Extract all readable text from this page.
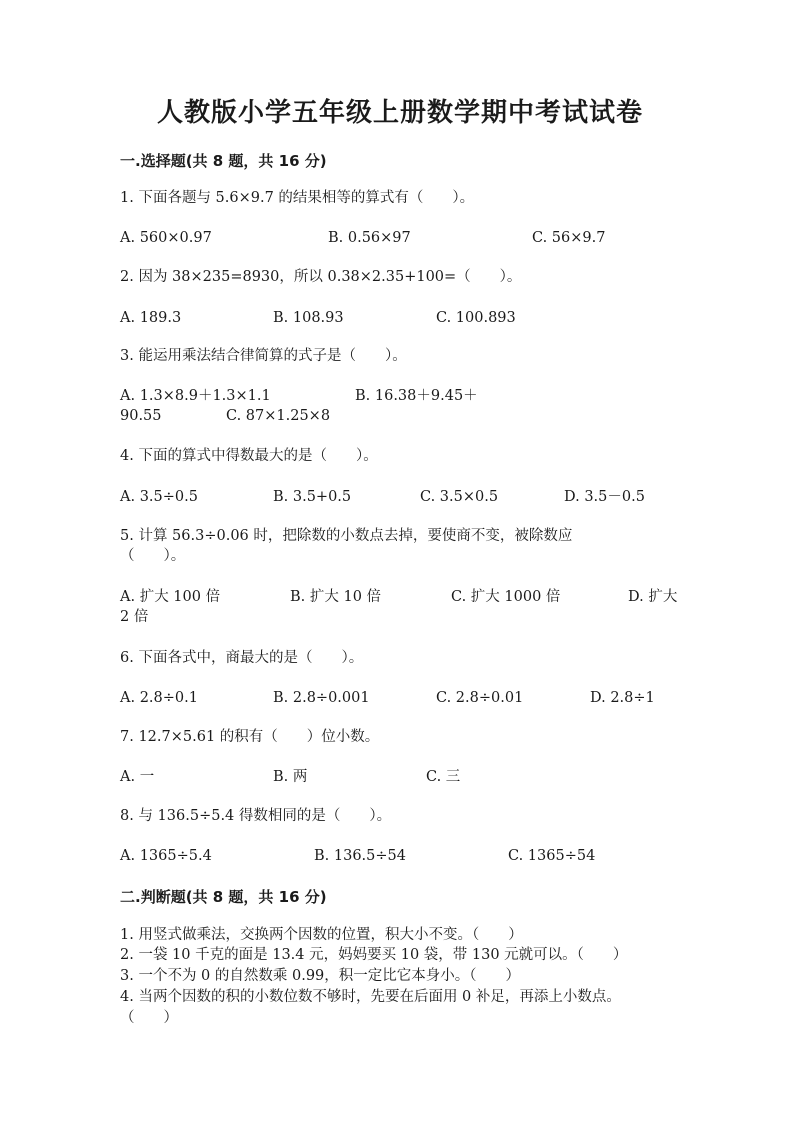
人教版小学五年级上册数学期中考试试卷
一.选择题(共 8 题，共 16 分)
1. 下面各题与 5.6×9.7 的结果相等的算式有（　　）。
A. 560×0.97	B. 0.56×97	C. 56×9.7
2. 因为 38×235=8930，所以 0.38×2.35+100=（　　）。
A. 189.3	B. 108.93	C. 100.893
3. 能运用乘法结合律简算的式子是（　　）。
A. 1.3×8.9＋1.3×1.1	B. 16.38＋9.45＋
90.55	C. 87×1.25×8
4. 下面的算式中得数最大的是（　　）。
A. 3.5÷0.5	B. 3.5+0.5	C. 3.5×0.5	D. 3.5－0.5
5. 计算 56.3÷0.06 时，把除数的小数点去掉，要使商不变，被除数应
（　　）。
A. 扩大 100 倍	B. 扩大 10 倍	C. 扩大 1000 倍	D. 扩大
2 倍
6. 下面各式中，商最大的是（　　）。
A. 2.8÷0.1	B. 2.8÷0.001	C. 2.8÷0.01	D. 2.8÷1
7. 12.7×5.61 的积有（　　）位小数。
A. 一	B. 两	C. 三
8. 与 136.5÷5.4 得数相同的是（　　）。
A. 1365÷5.4	B. 136.5÷54	C. 1365÷54
二.判断题(共 8 题，共 16 分)
1. 用竖式做乘法，交换两个因数的位置，积大小不变。（　　）
2. 一袋 10 千克的面是 13.4 元，妈妈要买 10 袋，带 130 元就可以。（　　）
3. 一个不为 0 的自然数乘 0.99，积一定比它本身小。（　　）
4. 当两个因数的积的小数位数不够时，先要在后面用 0 补足，再添上小数点。
（　　）
